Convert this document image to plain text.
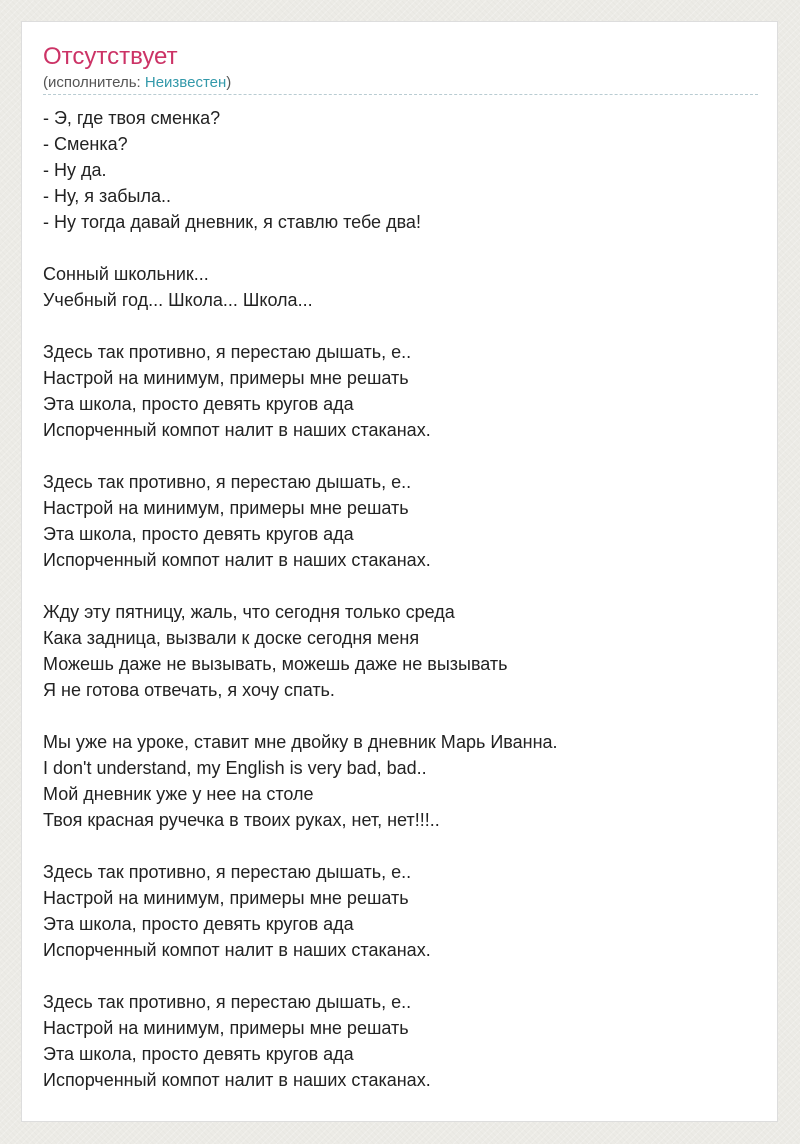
Отсутствует
(исполнитель: Неизвестен)
- Э, где твоя сменка?
- Сменка?
- Ну да.
- Ну, я забыла..
- Ну тогда давай дневник, я ставлю тебе два!
Сонный школьник...
Учебный год... Школа... Школа...
Здесь так противно, я перестаю дышать, е..
Настрой на минимум, примеры мне решать
Эта школа, просто девять кругов ада
Испорченный компот налит в наших стаканах.
Здесь так противно, я перестаю дышать, е..
Настрой на минимум, примеры мне решать
Эта школа, просто девять кругов ада
Испорченный компот налит в наших стаканах.
Жду эту пятницу, жаль, что сегодня только среда
Кака задница, вызвали к доске сегодня меня
Можешь даже не вызывать, можешь даже не вызывать
Я не готова отвечать, я хочу спать.
Мы уже на уроке, ставит мне двойку в дневник Марь Иванна.
I don't understand, my English is very bad, bad..
Мой дневник уже у нее на столе
Твоя красная ручечка в твоих руках, нет, нет!!!..
Здесь так противно, я перестаю дышать, е..
Настрой на минимум, примеры мне решать
Эта школа, просто девять кругов ада
Испорченный компот налит в наших стаканах.
Здесь так противно, я перестаю дышать, е..
Настрой на минимум, примеры мне решать
Эта школа, просто девять кругов ада
Испорченный компот налит в наших стаканах.
